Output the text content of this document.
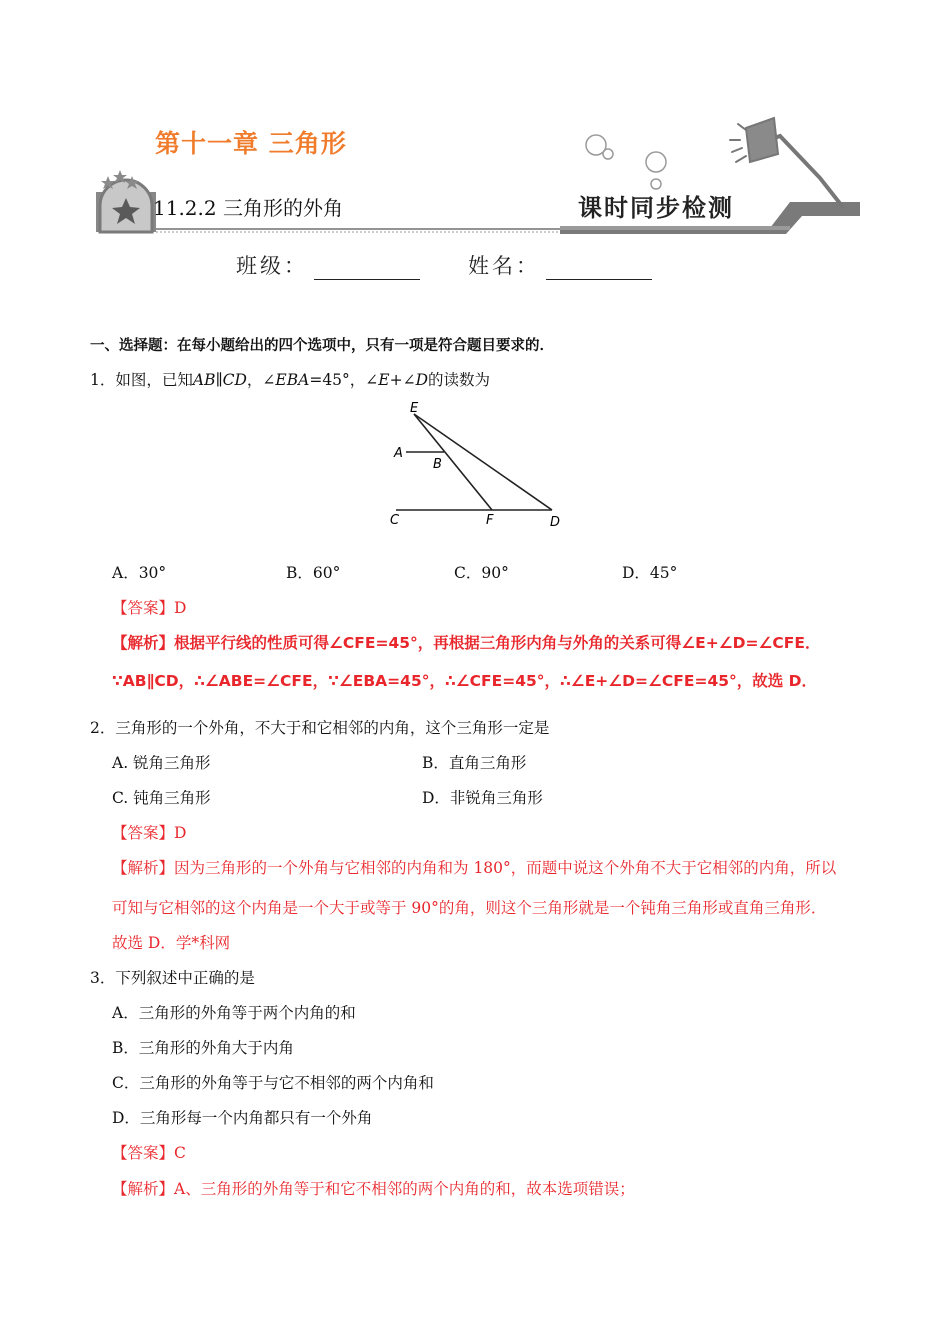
第十一章 三角形
11.2.2 三角形的外角	课时同步检测
班级：	姓名：
一、选择题：在每小题给出的四个选项中，只有一项是符合题目要求的．
1．如图，已知AB∥CD，∠EBA=45°，∠E+∠D的读数为
E
A
B
C	F	D
A．30°	B．60°	C．90°	D．45°
【答案】D
【解析】根据平行线的性质可得∠CFE=45°，再根据三角形内角与外角的关系可得∠E+∠D=∠CFE．
∵AB∥CD，∴∠ABE=∠CFE，∵∠EBA=45°，∴∠CFE=45°，∴∠E+∠D=∠CFE=45°，故选 D．
2．三角形的一个外角，不大于和它相邻的内角，这个三角形一定是
A. 锐角三角形	B．直角三角形
C. 钝角三角形	D．非锐角三角形
【答案】D
【解析】因为三角形的一个外角与它相邻的内角和为 180°，而题中说这个外角不大于它相邻的内角，所以
可知与它相邻的这个内角是一个大于或等于 90°的角，则这个三角形就是一个钝角三角形或直角三角形．
故选 D．学*科网
3．下列叙述中正确的是
A．三角形的外角等于两个内角的和
B．三角形的外角大于内角
C．三角形的外角等于与它不相邻的两个内角和
D．三角形每一个内角都只有一个外角
【答案】C
【解析】A、三角形的外角等于和它不相邻的两个内角的和，故本选项错误；
